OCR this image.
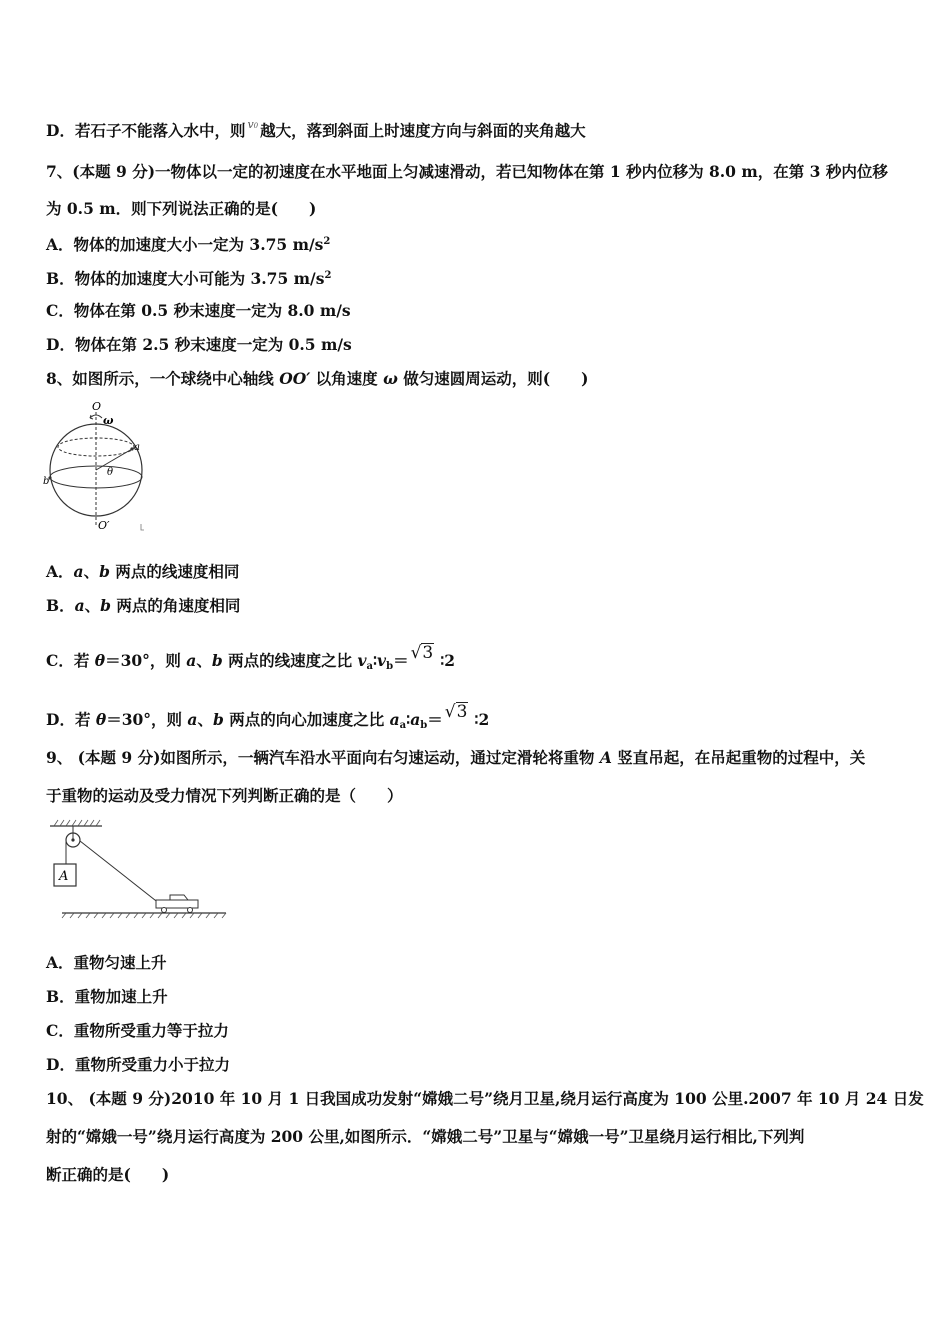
D．若石子不能落入水中，则 v0 越大，落到斜面上时速度方向与斜面的夹角越大
7、(本题 9 分)一物体以一定的初速度在水平地面上匀减速滑动，若已知物体在第 1 秒内位移为 8.0 m，在第 3 秒内位移
为 0.5 m．则下列说法正确的是(　　)
A．物体的加速度大小一定为 3.75 $m/s^2$
B．物体的加速度大小可能为 3.75 $m/s^2$
C．物体在第 0.5 秒末速度一定为 8.0 m/s
D．物体在第 2.5 秒末速度一定为 0.5 m/s
8、如图所示，一个球绕中心轴线 OO′ 以角速度 ω 做匀速圆周运动，则(　　)
O
ω
a
θ
O′
b
A．a、b 两点的线速度相同
B．a、b 两点的角速度相同
C．若 θ＝30°，则 a、b 两点的线速度之比 $v_a∶v_b= √3$ ∶2
D．若 θ＝30°，则 a、b 两点的向心加速度之比 $a_a∶a_b= √3$ ∶2
9、 (本题 9 分)如图所示，一辆汽车沿水平面向右匀速运动，通过定滑轮将重物 A 竖直吊起，在吊起重物的过程中，关
于重物的运动及受力情况下列判断正确的是（　　）
A
A．重物匀速上升
B．重物加速上升
C．重物所受重力等于拉力
D．重物所受重力小于拉力
10、 (本题 9 分)2010 年 10 月 1 日我国成功发射“嫦娥二号”绕月卫星,绕月运行高度为 100 公里.2007 年 10 月 24 日发
射的“嫦娥一号”绕月运行高度为 200 公里,如图所示．“嫦娥二号”卫星与“嫦娥一号”卫星绕月运行相比,下列判
断正确的是(　　)
